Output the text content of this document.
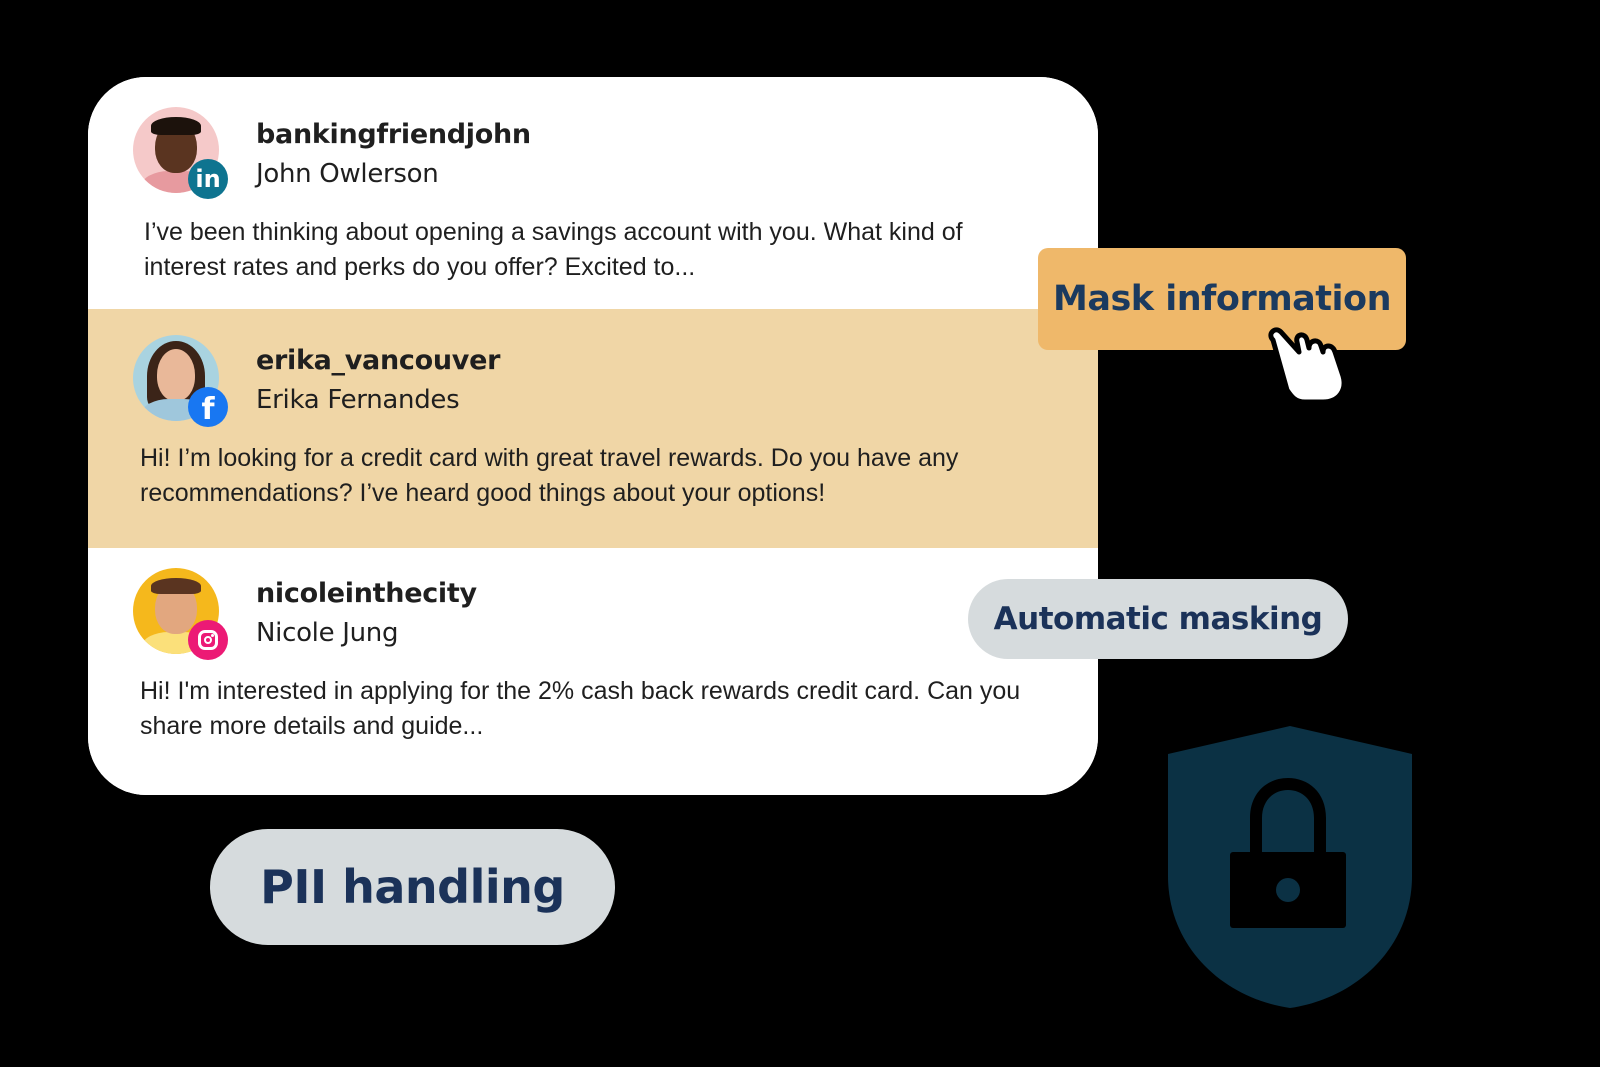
in
bankingfriendjohn
John Owlerson
I’ve been thinking about opening a savings account with you. What kind of interest rates and perks do you offer? Excited to...
f
erika_vancouver
Erika Fernandes
Hi! I’m looking for a credit card with great travel rewards. Do you have any recommendations? I’ve heard good things about your options!
nicoleinthecity
Nicole Jung
Hi! I'm interested in applying for the 2% cash back rewards credit card. Can you share more details and guide...
Mask information
Automatic masking
PII handling
